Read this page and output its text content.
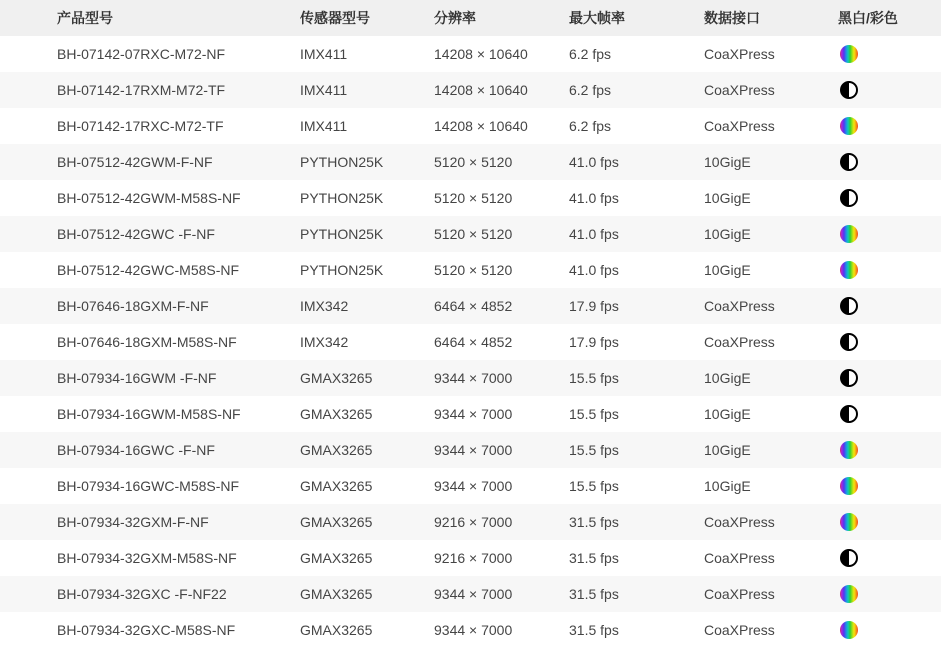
产品型号	传感器型号	分辨率	最大帧率	数据接口	黑白/彩色
BH-07142-07RXC-M72-NF	IMX411	14208 × 10640	6.2 fps	CoaXPress	
BH-07142-17RXM-M72-TF	IMX411	14208 × 10640	6.2 fps	CoaXPress	
BH-07142-17RXC-M72-TF	IMX411	14208 × 10640	6.2 fps	CoaXPress	
BH-07512-42GWM-F-NF	PYTHON25K	5120 × 5120	41.0 fps	10GigE	
BH-07512-42GWM-M58S-NF	PYTHON25K	5120 × 5120	41.0 fps	10GigE	
BH-07512-42GWC -F-NF	PYTHON25K	5120 × 5120	41.0 fps	10GigE	
BH-07512-42GWC-M58S-NF	PYTHON25K	5120 × 5120	41.0 fps	10GigE	
BH-07646-18GXM-F-NF	IMX342	6464 × 4852	17.9 fps	CoaXPress	
BH-07646-18GXM-M58S-NF	IMX342	6464 × 4852	17.9 fps	CoaXPress	
BH-07934-16GWM -F-NF	GMAX3265	9344 × 7000	15.5 fps	10GigE	
BH-07934-16GWM-M58S-NF	GMAX3265	9344 × 7000	15.5 fps	10GigE	
BH-07934-16GWC -F-NF	GMAX3265	9344 × 7000	15.5 fps	10GigE	
BH-07934-16GWC-M58S-NF	GMAX3265	9344 × 7000	15.5 fps	10GigE	
BH-07934-32GXM-F-NF	GMAX3265	9216 × 7000	31.5 fps	CoaXPress	
BH-07934-32GXM-M58S-NF	GMAX3265	9216 × 7000	31.5 fps	CoaXPress	
BH-07934-32GXC -F-NF22	GMAX3265	9344 × 7000	31.5 fps	CoaXPress	
BH-07934-32GXC-M58S-NF	GMAX3265	9344 × 7000	31.5 fps	CoaXPress	
